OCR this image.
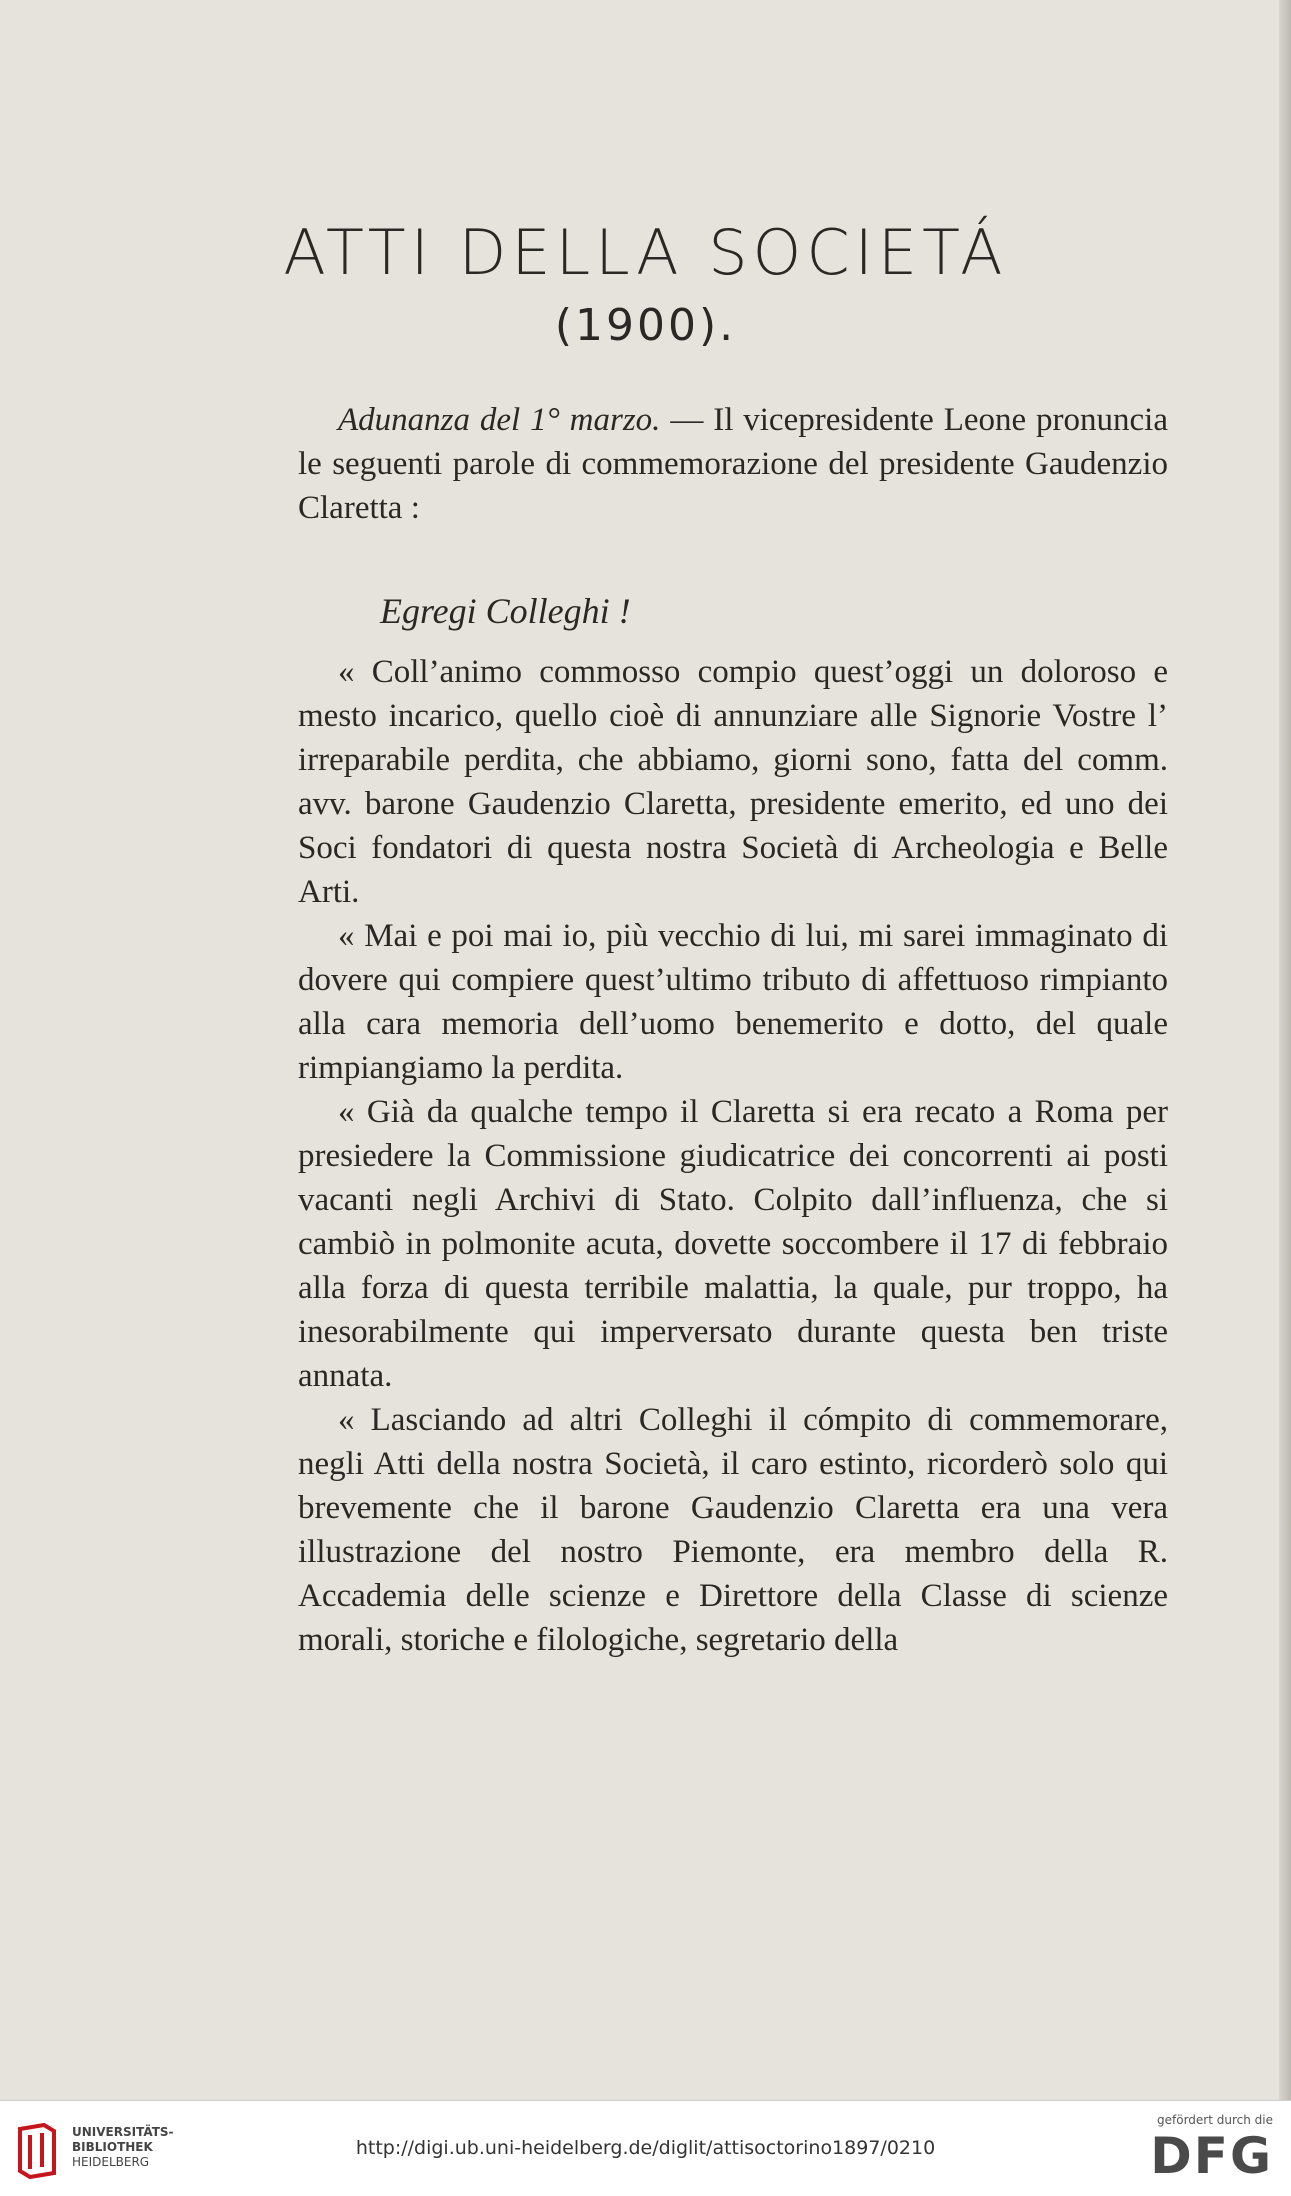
ATTI DELLA SOCIETÁ
(1900).

Adunanza del 1° marzo. — Il vicepresidente Leone pronuncia le seguenti parole di commemorazione del presidente Gaudenzio Claretta :

Egregi Colleghi !

« Coll’animo commosso compio quest’oggi un doloroso e mesto incarico, quello cioè di annunziare alle Signorie Vostre l’ irreparabile perdita, che abbiamo, giorni sono, fatta del comm. avv. barone Gaudenzio Claretta, presidente emerito, ed uno dei Soci fondatori di questa nostra Società di Archeologia e Belle Arti.

« Mai e poi mai io, più vecchio di lui, mi sarei immaginato di dovere qui compiere quest’ultimo tributo di affettuoso rimpianto alla cara memoria dell’uomo benemerito e dotto, del quale rimpiangiamo la perdita.

« Già da qualche tempo il Claretta si era recato a Roma per presiedere la Commissione giudicatrice dei concorrenti ai posti vacanti negli Archivi di Stato. Colpito dall’influenza, che si cambiò in polmonite acuta, dovette soccombere il 17 di febbraio alla forza di questa terribile malattia, la quale, pur troppo, ha inesorabilmente qui imperversato durante questa ben triste annata.

« Lasciando ad altri Colleghi il cómpito di commemorare, negli Atti della nostra Società, il caro estinto, ricorderò solo qui brevemente che il barone Gaudenzio Claretta era una vera illustrazione del nostro Piemonte, era membro della R. Accademia delle scienze e Direttore della Classe di scienze morali, storiche e filologiche, segretario della

UNIVERSITÄTS-
BIBLIOTHEK
HEIDELBERG
http://digi.ub.uni-heidelberg.de/diglit/attisoctorino1897/0210
gefördert durch die
DFG
